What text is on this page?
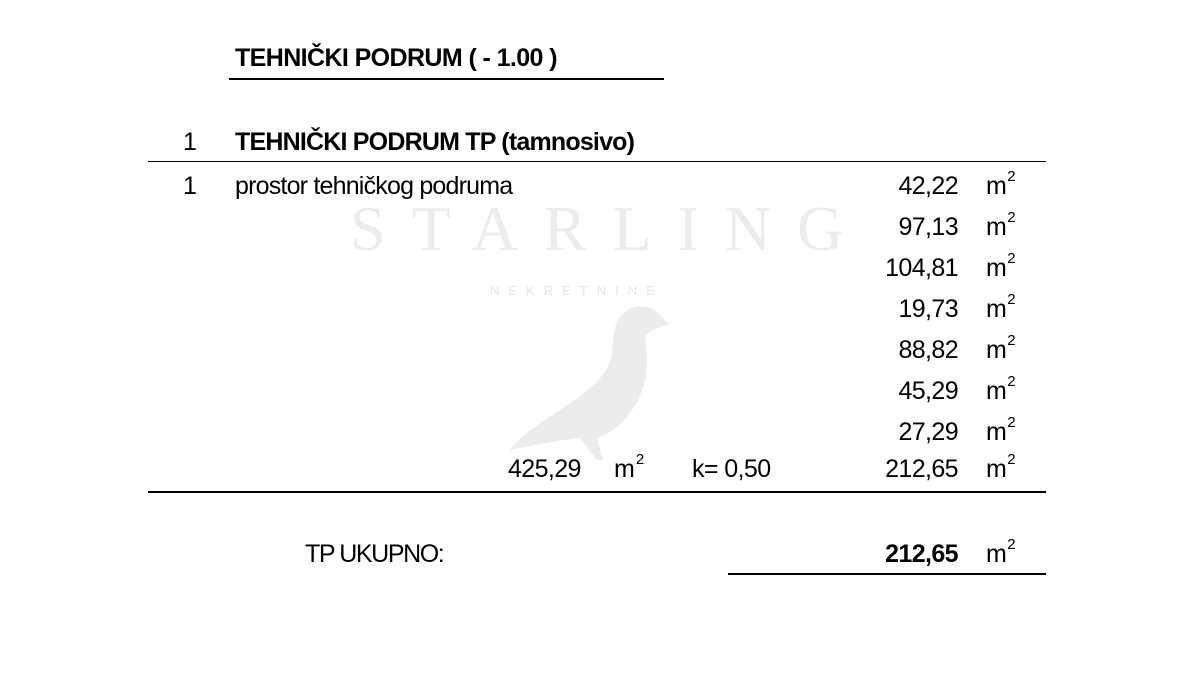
STARLING
NEKRETNINE
TEHNIČKI PODRUM ( - 1.00 )
1 TEHNIČKI PODRUM TP (tamnosivo)
1 prostor tehničkog podruma	42,22 $m^2$
97,13 $m^2$
104,81 $m^2$
19,73 $m^2$
88,82 $m^2$
45,29 $m^2$
27,29 $m^2$
425,29 $m^2$ k= 0,50	212,65 $m^2$
TP UKUPNO:	212,65 $m^2$
